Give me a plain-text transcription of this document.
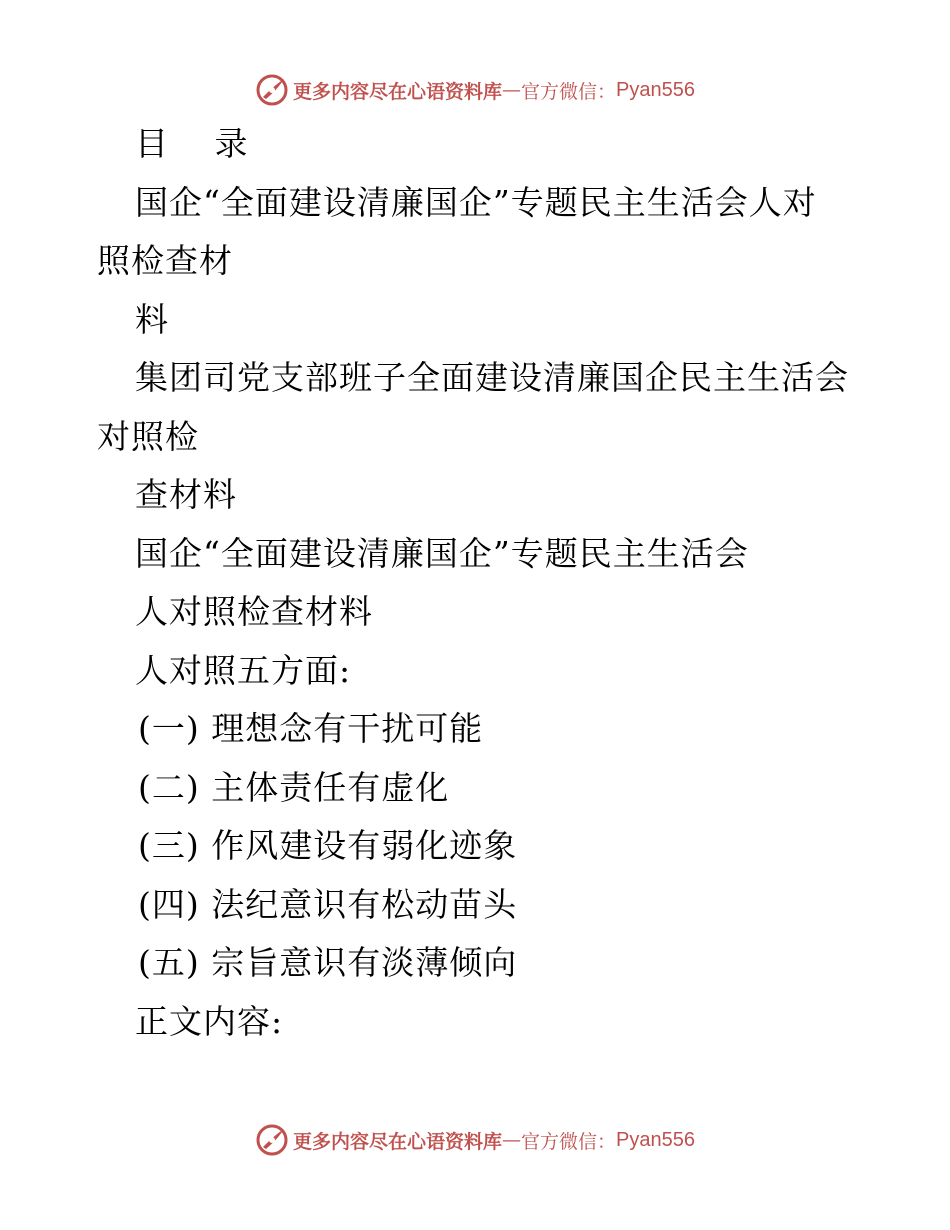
更多内容尽在心语资料库 — 官方微信： Pyan556
目 录
国企“全面建设清廉国企”专题民主生活会人对
照检查材
料
集团司党支部班子全面建设清廉国企民主生活会
对照检
查材料
国企“全面建设清廉国企”专题民主生活会
人对照检查材料
人对照五方面:
(一) 理想念有干扰可能
(二) 主体责任有虚化
(三) 作风建设有弱化迹象
(四) 法纪意识有松动苗头
(五) 宗旨意识有淡薄倾向
正文内容:
更多内容尽在心语资料库 — 官方微信： Pyan556
